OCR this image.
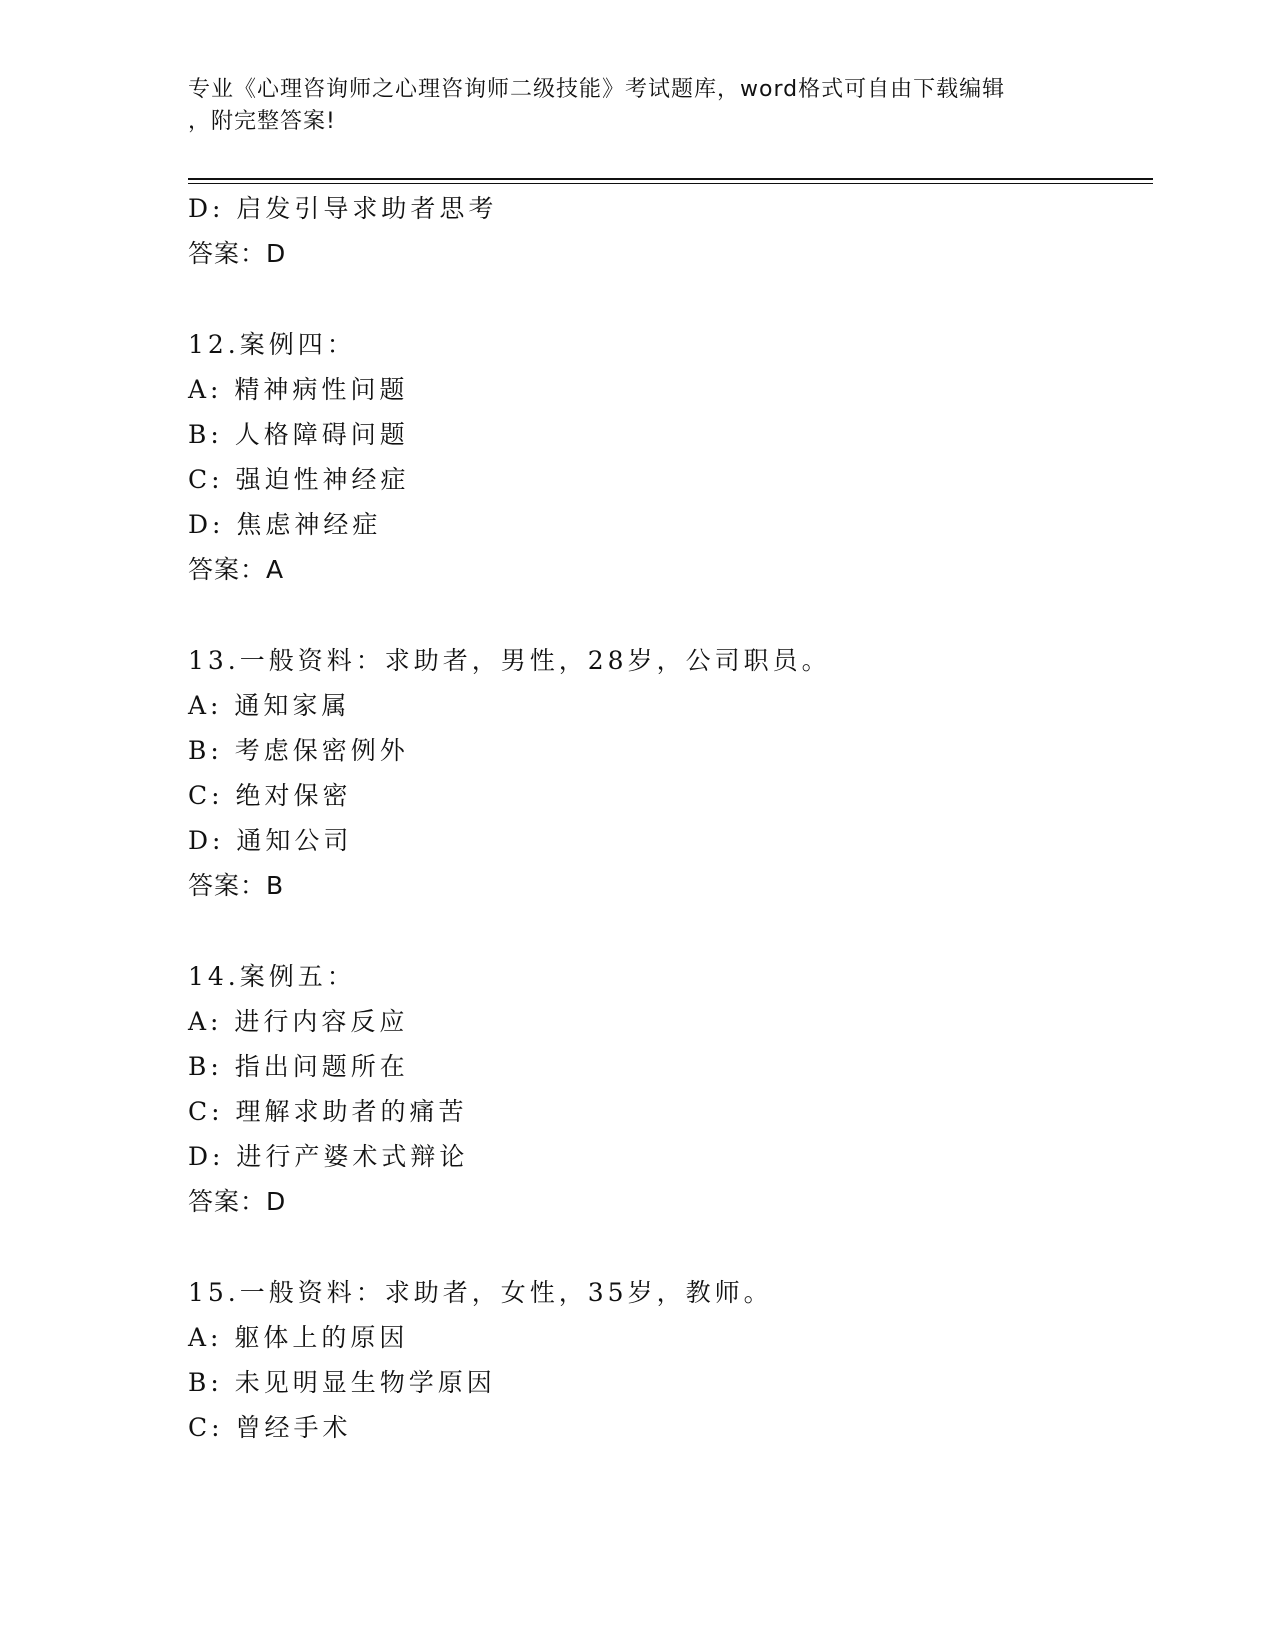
专业《心理咨询师之心理咨询师二级技能》考试题库，word格式可自由下载编辑
，附完整答案!
D: 启发引导求助者思考
答案：D
12.案例四：
A: 精神病性问题
B: 人格障碍问题
C: 强迫性神经症
D: 焦虑神经症
答案：A
13.一般资料：求助者，男性，28岁，公司职员。
A: 通知家属
B: 考虑保密例外
C: 绝对保密
D: 通知公司
答案：B
14.案例五：
A: 进行内容反应
B: 指出问题所在
C: 理解求助者的痛苦
D: 进行产婆术式辩论
答案：D
15.一般资料：求助者，女性，35岁，教师。
A: 躯体上的原因
B: 未见明显生物学原因
C: 曾经手术
